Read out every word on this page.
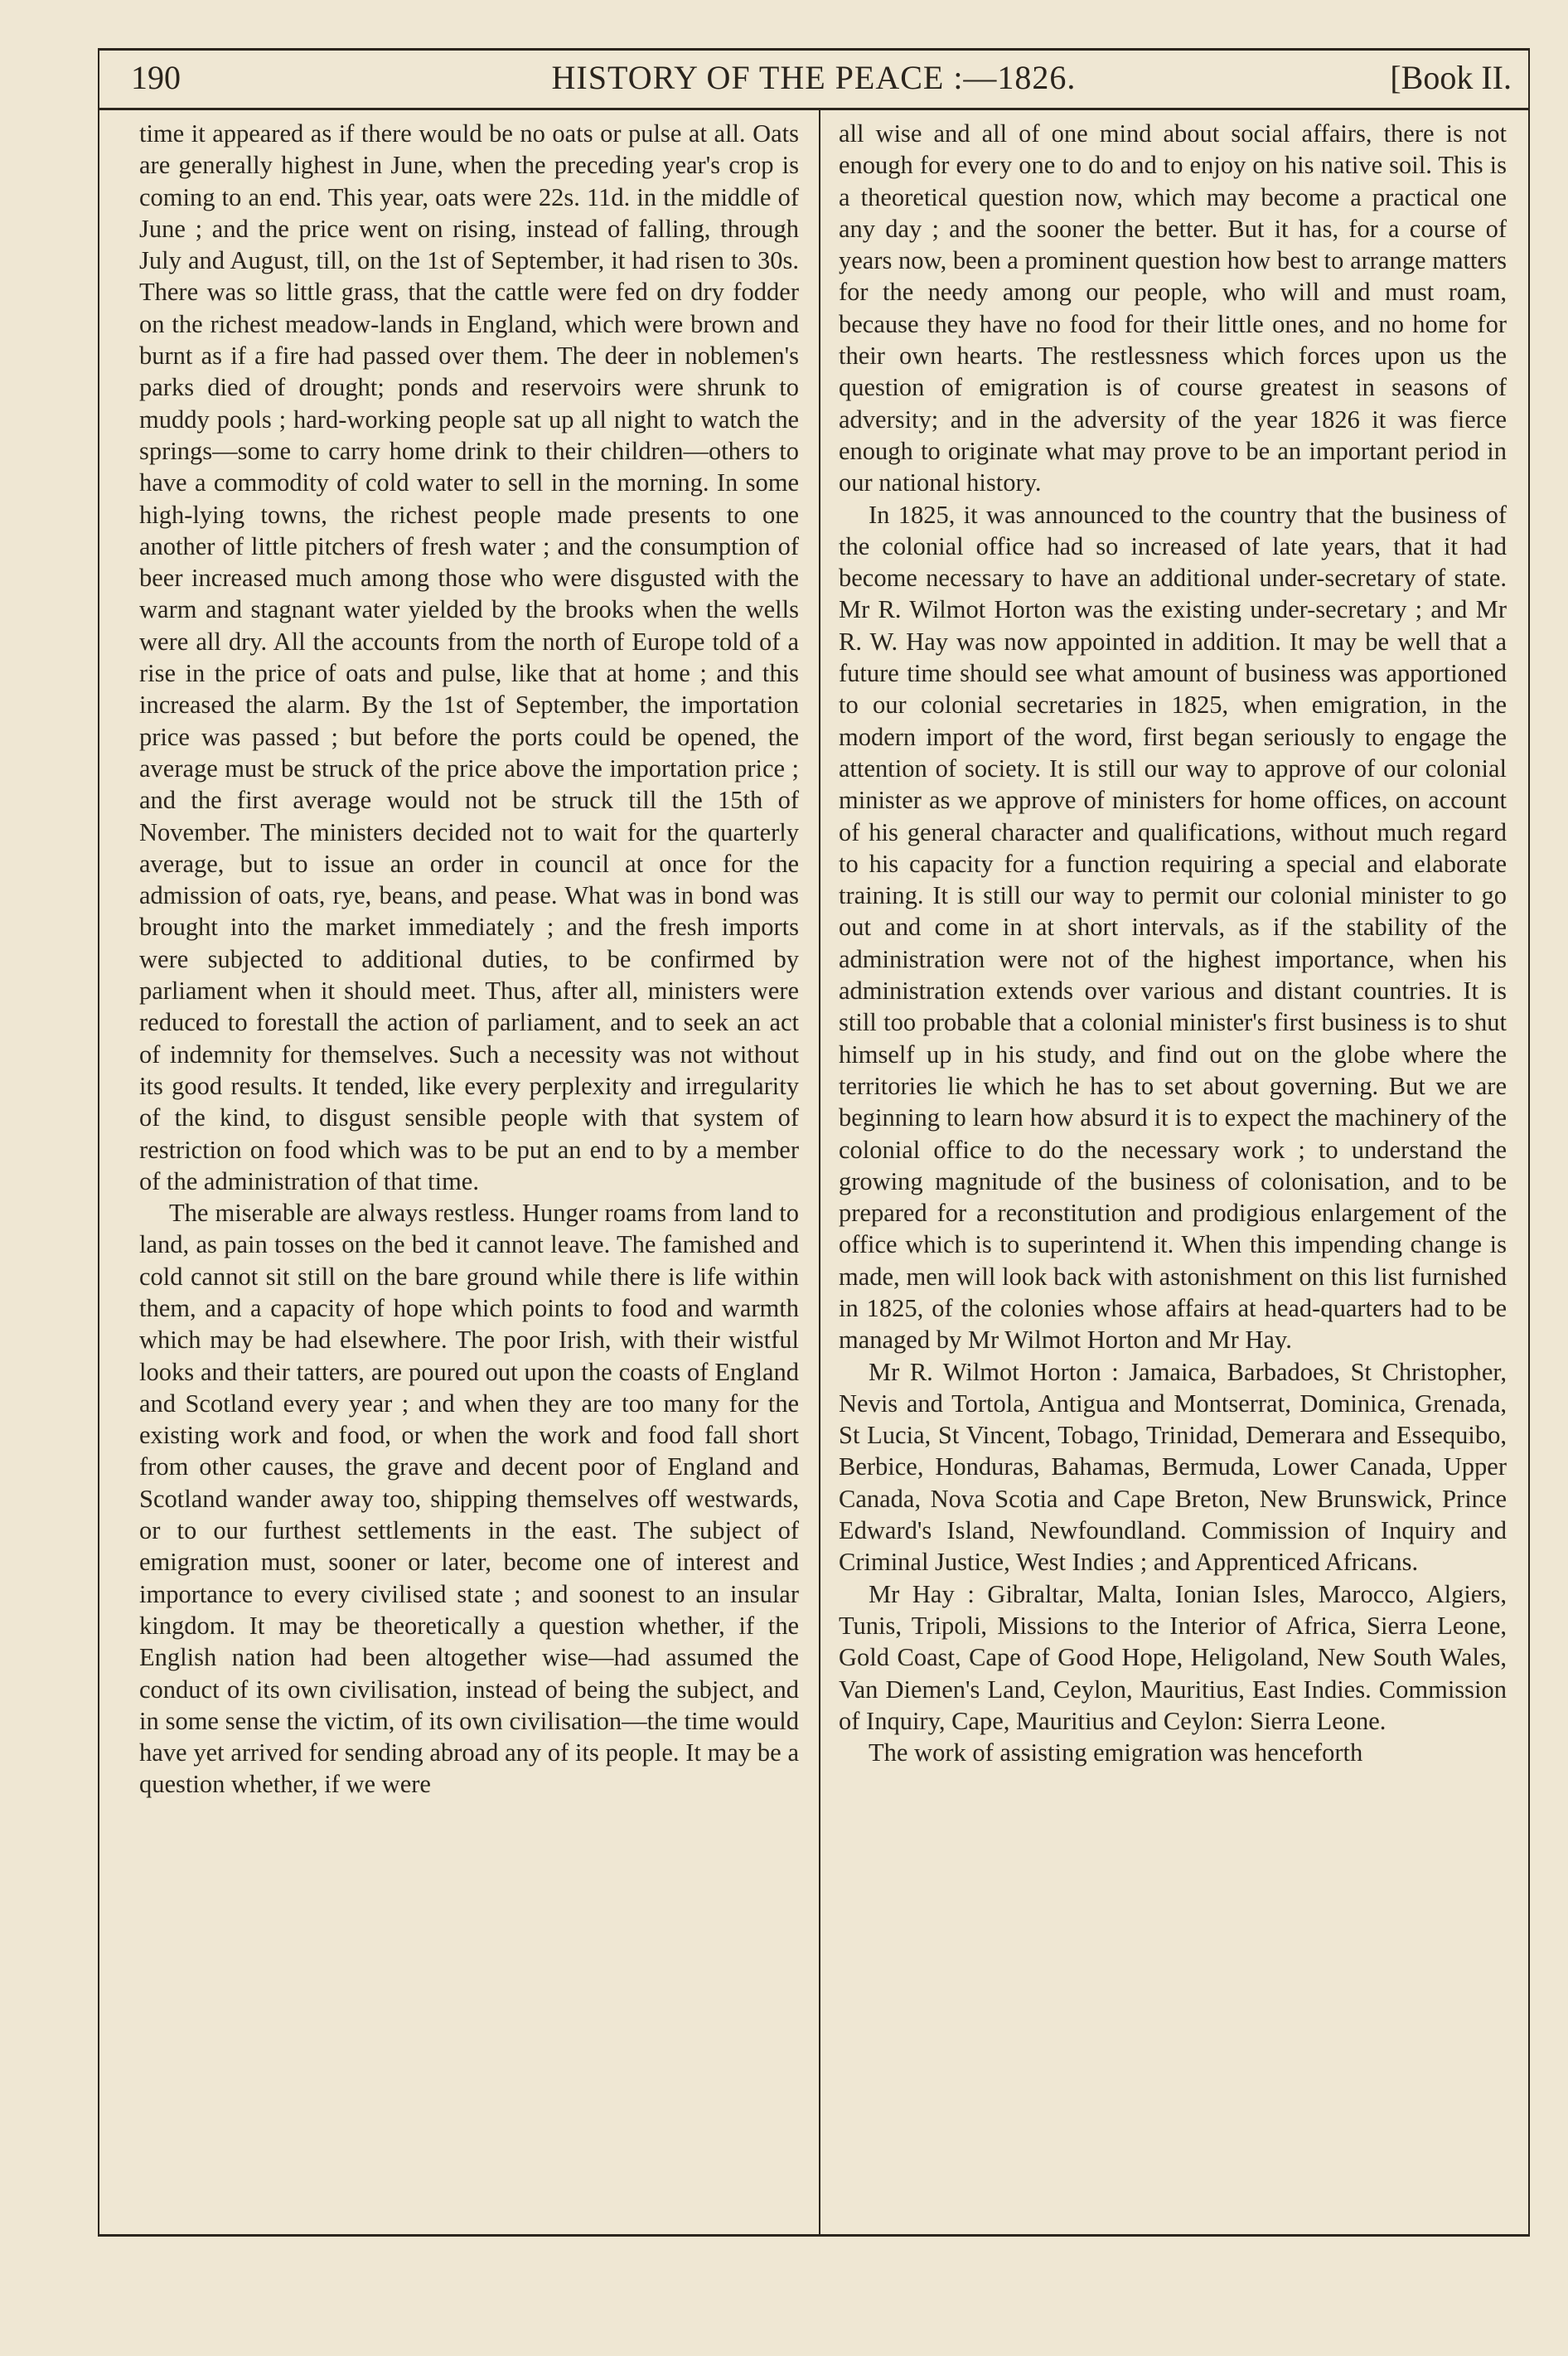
HISTORY OF THE PEACE :—1826.
190	[Book II.

time it appeared as if there would be no oats or pulse at all. Oats are generally highest in June, when the preceding year's crop is coming to an end. This year, oats were 22s. 11d. in the middle of June ; and the price went on rising, instead of falling, through July and August, till, on the 1st of September, it had risen to 30s. There was so little grass, that the cattle were fed on dry fodder on the richest meadow-lands in England, which were brown and burnt as if a fire had passed over them. The deer in noblemen's parks died of drought; ponds and reservoirs were shrunk to muddy pools ; hard-working people sat up all night to watch the springs—some to carry home drink to their children—others to have a commodity of cold water to sell in the morning. In some high-lying towns, the richest people made presents to one another of little pitchers of fresh water ; and the consumption of beer increased much among those who were disgusted with the warm and stagnant water yielded by the brooks when the wells were all dry. All the accounts from the north of Europe told of a rise in the price of oats and pulse, like that at home ; and this increased the alarm. By the 1st of September, the importation price was passed ; but before the ports could be opened, the average must be struck of the price above the importation price ; and the first average would not be struck till the 15th of November. The ministers decided not to wait for the quarterly average, but to issue an order in council at once for the admission of oats, rye, beans, and pease. What was in bond was brought into the market immediately ; and the fresh imports were subjected to additional duties, to be confirmed by parliament when it should meet. Thus, after all, ministers were reduced to forestall the action of parliament, and to seek an act of indemnity for themselves. Such a necessity was not without its good results. It tended, like every perplexity and irregularity of the kind, to disgust sensible people with that system of restriction on food which was to be put an end to by a member of the administration of that time.

The miserable are always restless. Hunger roams from land to land, as pain tosses on the bed it cannot leave. The famished and cold cannot sit still on the bare ground while there is life within them, and a capacity of hope which points to food and warmth which may be had elsewhere. The poor Irish, with their wistful looks and their tatters, are poured out upon the coasts of England and Scotland every year ; and when they are too many for the existing work and food, or when the work and food fall short from other causes, the grave and decent poor of England and Scotland wander away too, shipping themselves off westwards, or to our furthest settlements in the east. The subject of emigration must, sooner or later, become one of interest and importance to every civilised state ; and soonest to an insular kingdom. It may be theoretically a question whether, if the English nation had been altogether wise—had assumed the conduct of its own civilisation, instead of being the subject, and in some sense the victim, of its own civilisation—the time would have yet arrived for sending abroad any of its people. It may be a question whether, if we were

all wise and all of one mind about social affairs, there is not enough for every one to do and to enjoy on his native soil. This is a theoretical question now, which may become a practical one any day ; and the sooner the better. But it has, for a course of years now, been a prominent question how best to arrange matters for the needy among our people, who will and must roam, because they have no food for their little ones, and no home for their own hearts. The restlessness which forces upon us the question of emigration is of course greatest in seasons of adversity; and in the adversity of the year 1826 it was fierce enough to originate what may prove to be an important period in our national history.

In 1825, it was announced to the country that the business of the colonial office had so increased of late years, that it had become necessary to have an additional under-secretary of state. Mr R. Wilmot Horton was the existing under-secretary ; and Mr R. W. Hay was now appointed in addition. It may be well that a future time should see what amount of business was apportioned to our colonial secretaries in 1825, when emigration, in the modern import of the word, first began seriously to engage the attention of society. It is still our way to approve of our colonial minister as we approve of ministers for home offices, on account of his general character and qualifications, without much regard to his capacity for a function requiring a special and elaborate training. It is still our way to permit our colonial minister to go out and come in at short intervals, as if the stability of the administration were not of the highest importance, when his administration extends over various and distant countries. It is still too probable that a colonial minister's first business is to shut himself up in his study, and find out on the globe where the territories lie which he has to set about governing. But we are beginning to learn how absurd it is to expect the machinery of the colonial office to do the necessary work ; to understand the growing magnitude of the business of colonisation, and to be prepared for a reconstitution and prodigious enlargement of the office which is to superintend it. When this impending change is made, men will look back with astonishment on this list furnished in 1825, of the colonies whose affairs at head-quarters had to be managed by Mr Wilmot Horton and Mr Hay.

Mr R. Wilmot Horton : Jamaica, Barbadoes, St Christopher, Nevis and Tortola, Antigua and Montserrat, Dominica, Grenada, St Lucia, St Vincent, Tobago, Trinidad, Demerara and Essequibo, Berbice, Honduras, Bahamas, Bermuda, Lower Canada, Upper Canada, Nova Scotia and Cape Breton, New Brunswick, Prince Edward's Island, Newfoundland. Commission of Inquiry and Criminal Justice, West Indies ; and Apprenticed Africans.

Mr Hay : Gibraltar, Malta, Ionian Isles, Marocco, Algiers, Tunis, Tripoli, Missions to the Interior of Africa, Sierra Leone, Gold Coast, Cape of Good Hope, Heligoland, New South Wales, Van Diemen's Land, Ceylon, Mauritius, East Indies. Commission of Inquiry, Cape, Mauritius and Ceylon: Sierra Leone.

The work of assisting emigration was henceforth
